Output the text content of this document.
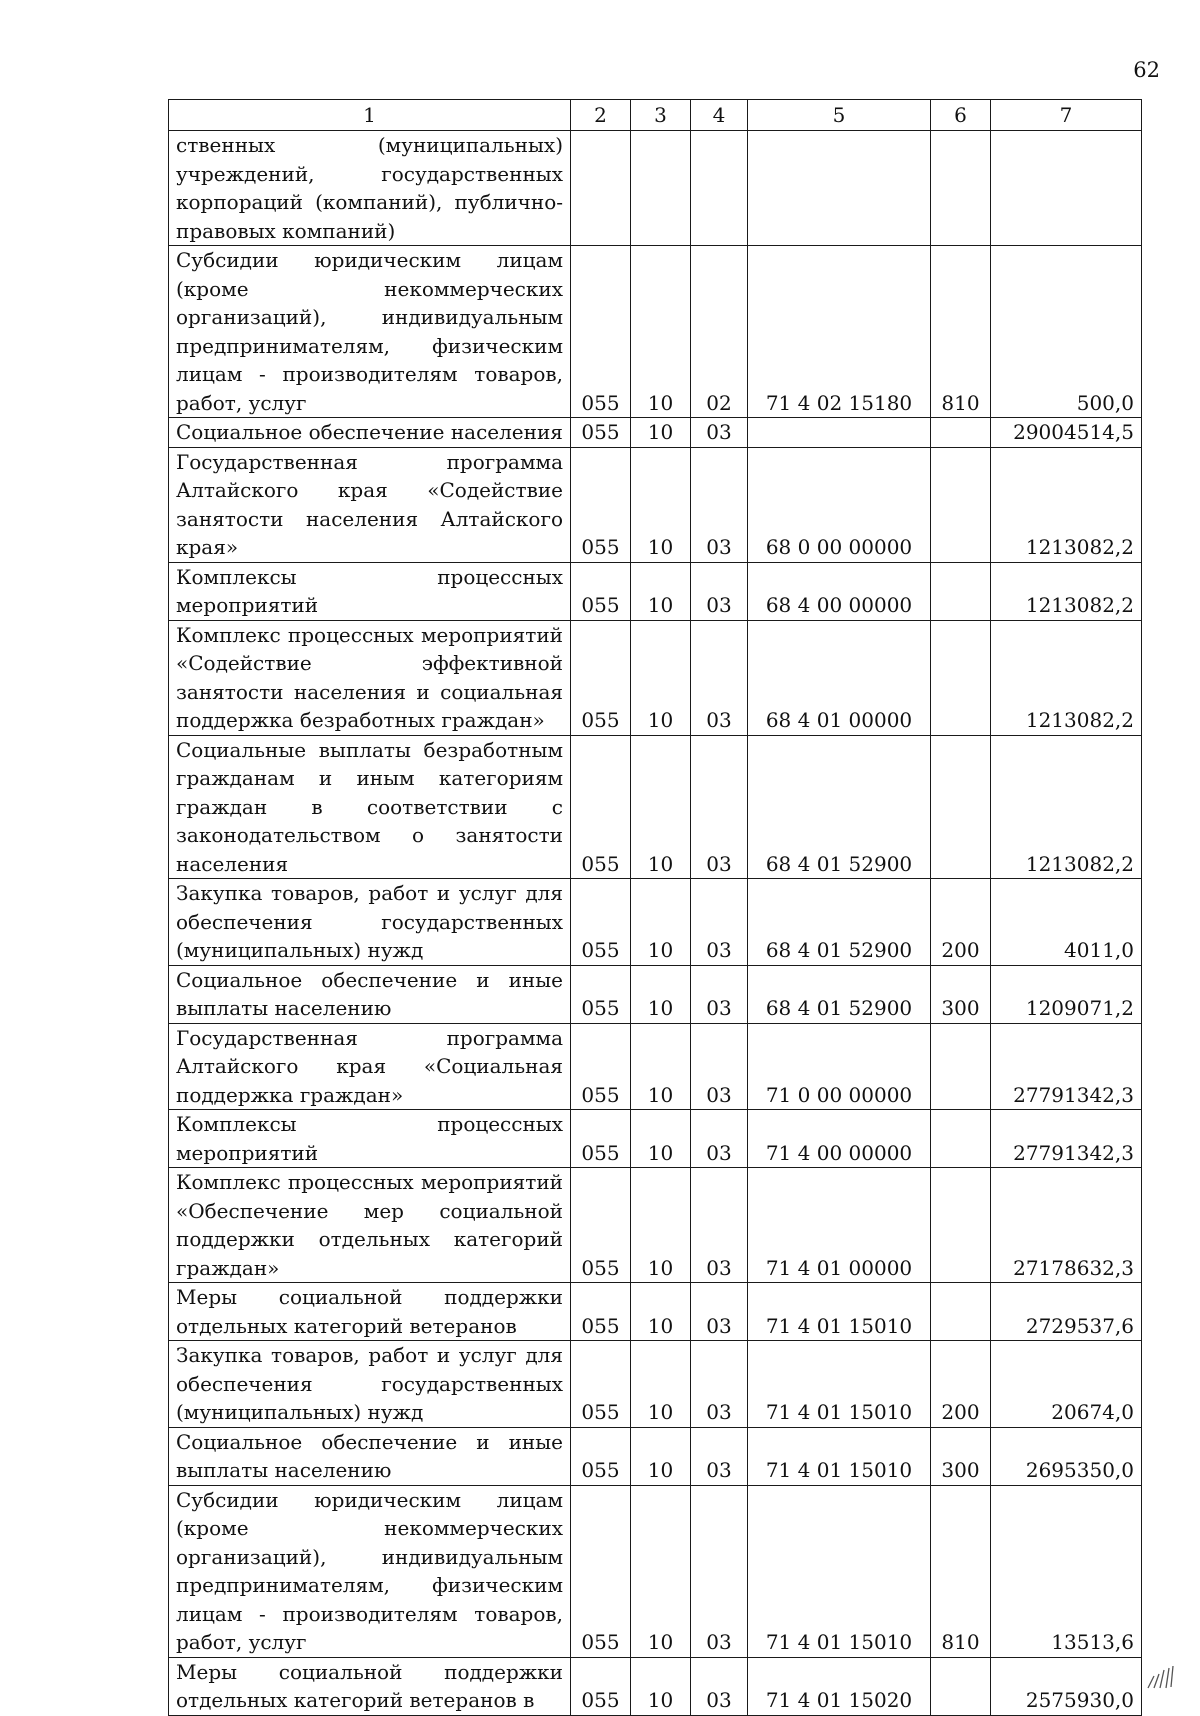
62
1	2	3	4	5	6	7
ственных (муниципальных) учреждений, государственных корпораций (компаний), публично-правовых компаний)						
Субсидии юридическим лицам (кроме некоммерческих организаций), индивидуальным предпринимателям, физическим лицам - производителям товаров, работ, услуг	055	10	02	71 4 02 15180	810	500,0
Социальное обеспечение населения	055	10	03			29004514,5
Государственная программа Алтайского края «Содействие занятости населения Алтайского края»	055	10	03	68 0 00 00000		1213082,2
Комплексы процессных мероприятий	055	10	03	68 4 00 00000		1213082,2
Комплекс процессных мероприятий «Содействие эффективной занятости населения и социальная поддержка безработных граждан»	055	10	03	68 4 01 00000		1213082,2
Социальные выплаты безработным гражданам и иным категориям граждан в соответствии с законодательством о занятости населения	055	10	03	68 4 01 52900		1213082,2
Закупка товаров, работ и услуг для обеспечения государственных (муниципальных) нужд	055	10	03	68 4 01 52900	200	4011,0
Социальное обеспечение и иные выплаты населению	055	10	03	68 4 01 52900	300	1209071,2
Государственная программа Алтайского края «Социальная поддержка граждан»	055	10	03	71 0 00 00000		27791342,3
Комплексы процессных мероприятий	055	10	03	71 4 00 00000		27791342,3
Комплекс процессных мероприятий «Обеспечение мер социальной поддержки отдельных категорий граждан»	055	10	03	71 4 01 00000		27178632,3
Меры социальной поддержки отдельных категорий ветеранов	055	10	03	71 4 01 15010		2729537,6
Закупка товаров, работ и услуг для обеспечения государственных (муниципальных) нужд	055	10	03	71 4 01 15010	200	20674,0
Социальное обеспечение и иные выплаты населению	055	10	03	71 4 01 15010	300	2695350,0
Субсидии юридическим лицам (кроме некоммерческих организаций), индивидуальным предпринимателям, физическим лицам - производителям товаров, работ, услуг	055	10	03	71 4 01 15010	810	13513,6
Меры социальной поддержки отдельных категорий ветеранов в	055	10	03	71 4 01 15020		2575930,0
